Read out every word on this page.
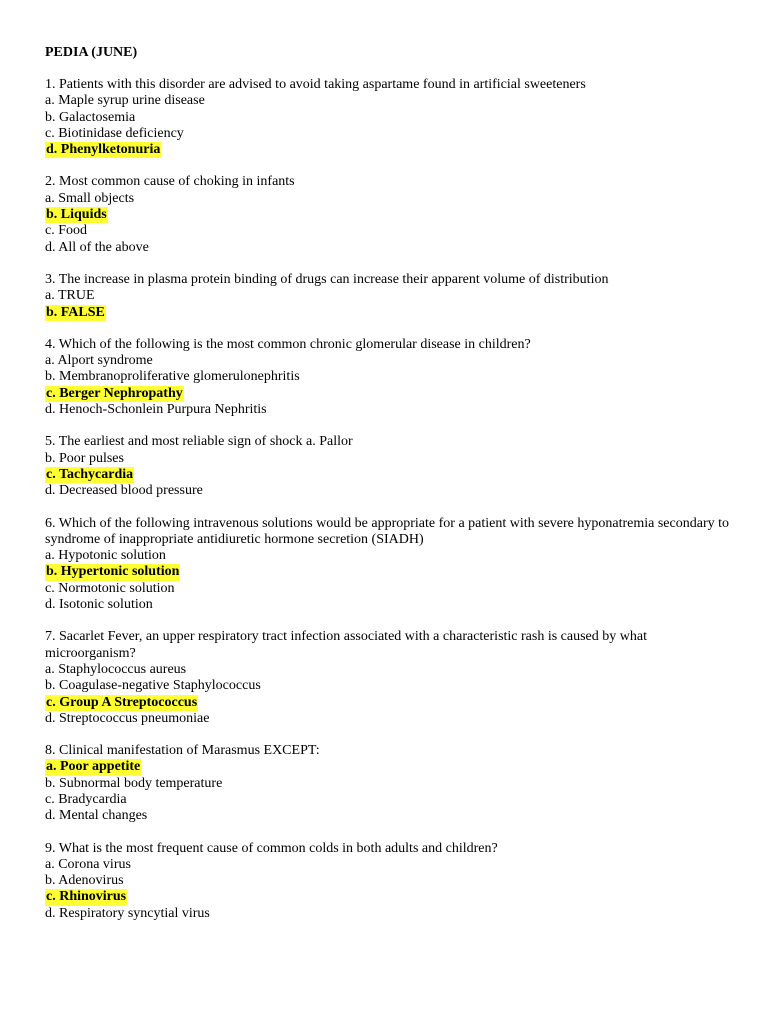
PEDIA (JUNE)
1. Patients with this disorder are advised to avoid taking aspartame found in artificial sweeteners
a. Maple syrup urine disease
b. Galactosemia
c. Biotinidase deficiency
d. Phenylketonuria
2. Most common cause of choking in infants
a. Small objects
b. Liquids
c. Food
d. All of the above
3. The increase in plasma protein binding of drugs can increase their apparent volume of distribution
a. TRUE
b. FALSE
4. Which of the following is the most common chronic glomerular disease in children?
a. Alport syndrome
b. Membranoproliferative glomerulonephritis
c. Berger Nephropathy
d. Henoch-Schonlein Purpura Nephritis
5. The earliest and most reliable sign of shock a. Pallor
b. Poor pulses
c. Tachycardia
d. Decreased blood pressure
6. Which of the following intravenous solutions would be appropriate for a patient with severe hyponatremia secondary to syndrome of inappropriate antidiuretic hormone secretion (SIADH)
a. Hypotonic solution
b. Hypertonic solution
c. Normotonic solution
d. Isotonic solution
7. Sacarlet Fever, an upper respiratory tract infection associated with a characteristic rash is caused by what microorganism?
a. Staphylococcus aureus
b. Coagulase-negative Staphylococcus
c. Group A Streptococcus
d. Streptococcus pneumoniae
8. Clinical manifestation of Marasmus EXCEPT:
a. Poor appetite
b. Subnormal body temperature
c. Bradycardia
d. Mental changes
9. What is the most frequent cause of common colds in both adults and children?
a. Corona virus
b. Adenovirus
c. Rhinovirus
d. Respiratory syncytial virus
